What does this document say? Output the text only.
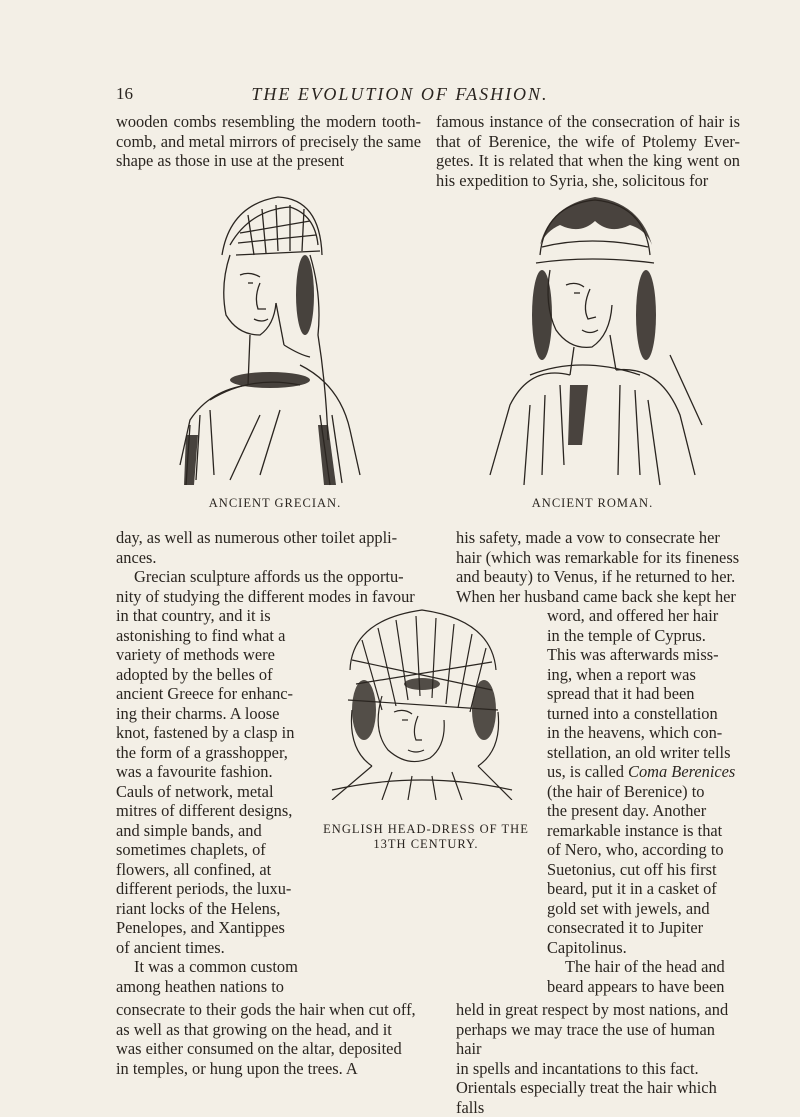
16	THE EVOLUTION OF FASHION.

wooden combs resembling the modern tooth-comb, and metal mirrors of precisely the same shape as those in use at the present

famous instance of the consecration of hair is that of Berenice, the wife of Ptolemy Ever-getes. It is related that when the king went on his expedition to Syria, she, solicitous for

ANCIENT GRECIAN.	ANCIENT ROMAN.

day, as well as numerous other toilet appli-

ances.

Grecian sculpture affords us the opportu-

nity of studying the different modes in favour

in that country, and it is

astonishing to find what a

variety of methods were

adopted by the belles of

ancient Greece for enhanc-

ing their charms. A loose

knot, fastened by a clasp in

the form of a grasshopper,

was a favourite fashion.

Cauls of network, metal

mitres of different designs,

and simple bands, and

sometimes chaplets, of

flowers, all confined, at

different periods, the luxu-

riant locks of the Helens,

Penelopes, and Xantippes

of ancient times.

It was a common custom

among heathen nations to

ENGLISH HEAD-DRESS OF THE
13TH CENTURY.

his safety, made a vow to consecrate her

hair (which was remarkable for its fineness

and beauty) to Venus, if he returned to her.

When her husband came back she kept her

word, and offered her hair

in the temple of Cyprus.

This was afterwards miss-

ing, when a report was

spread that it had been

turned into a constellation

in the heavens, which con-

stellation, an old writer tells

us, is called Coma Berenices

(the hair of Berenice) to

the present day. Another

remarkable instance is that

of Nero, who, according to

Suetonius, cut off his first

beard, put it in a casket of

gold set with jewels, and

consecrated it to Jupiter

Capitolinus.

The hair of the head and

beard appears to have been

consecrate to their gods the hair when cut off,

as well as that growing on the head, and it

was either consumed on the altar, deposited

in temples, or hung upon the trees. A

held in great respect by most nations, and

perhaps we may trace the use of human hair

in spells and incantations to this fact.

Orientals especially treat the hair which falls
